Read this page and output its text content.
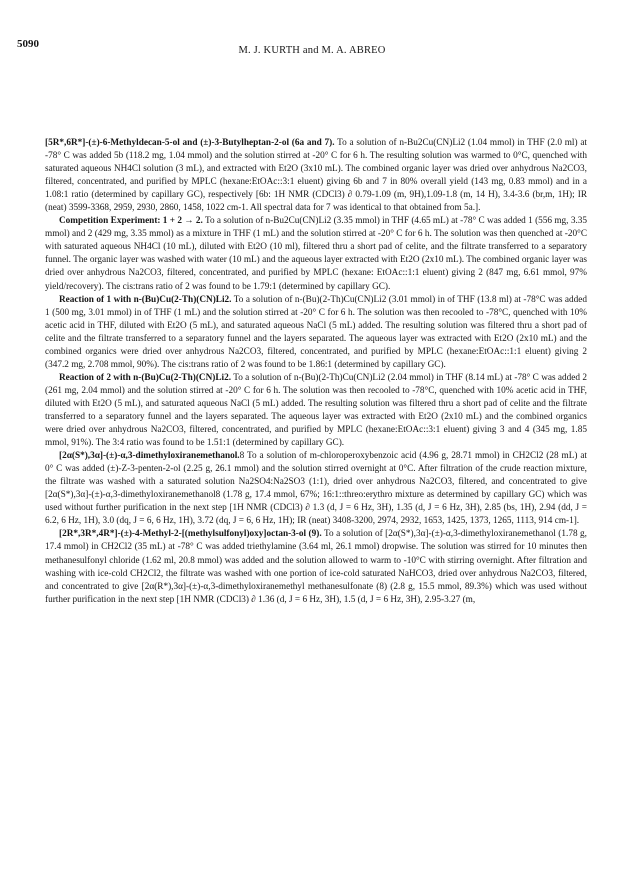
5090
M. J. KURTH and M. A. ABREO

[5R*,6R*]-(±)-6-Methyldecan-5-ol and (±)-3-Butylheptan-2-ol (6a and 7). To a solution of n-Bu2Cu(CN)Li2 (1.04 mmol) in THF (2.0 ml) at -78° C was added 5b (118.2 mg, 1.04 mmol) and the solution stirred at -20° C for 6 h. The resulting solution was warmed to 0°C, quenched with saturated aqueous NH4Cl solution (3 mL), and extracted with Et2O (3x10 mL). The combined organic layer was dried over anhydrous Na2CO3, filtered, concentrated, and purified by MPLC (hexane:EtOAc::3:1 eluent) giving 6b and 7 in 80% overall yield (143 mg, 0.83 mmol) and in a 1.08:1 ratio (determined by capillary GC), respectively [6b: 1H NMR (CDCl3) ∂ 0.79-1.09 (m, 9H),1.09-1.8 (m, 14 H), 3.4-3.6 (br,m, 1H); IR (neat) 3599-3368, 2959, 2930, 2860, 1458, 1022 cm-1. All spectral data for 7 was identical to that obtained from 5a.].

Competition Experiment: 1 + 2 → 2. To a solution of n-Bu2Cu(CN)Li2 (3.35 mmol) in THF (4.65 mL) at -78° C was added 1 (556 mg, 3.35 mmol) and 2 (429 mg, 3.35 mmol) as a mixture in THF (1 mL) and the solution stirred at -20° C for 6 h. The solution was then quenched at -20°C with saturated aqueous NH4Cl (10 mL), diluted with Et2O (10 ml), filtered thru a short pad of celite, and the filtrate transferred to a separatory funnel. The organic layer was washed with water (10 mL) and the aqueous layer extracted with Et2O (2x10 mL). The combined organic layer was dried over anhydrous Na2CO3, filtered, concentrated, and purified by MPLC (hexane: EtOAc::1:1 eluent) giving 2 (847 mg, 6.61 mmol, 97% yield/recovery). The cis:trans ratio of 2 was found to be 1.79:1 (determined by capillary GC).

Reaction of 1 with n-(Bu)Cu(2-Th)(CN)Li2. To a solution of n-(Bu)(2-Th)Cu(CN)Li2 (3.01 mmol) in of THF (13.8 ml) at -78°C was added 1 (500 mg, 3.01 mmol) in of THF (1 mL) and the solution stirred at -20° C for 6 h. The solution was then recooled to -78°C, quenched with 10% acetic acid in THF, diluted with Et2O (5 mL), and saturated aqueous NaCl (5 mL) added. The resulting solution was filtered thru a short pad of celite and the filtrate transferred to a separatory funnel and the layers separated. The aqueous layer was extracted with Et2O (2x10 mL) and the combined organics were dried over anhydrous Na2CO3, filtered, concentrated, and purified by MPLC (hexane:EtOAc::1:1 eluent) giving 2 (347.2 mg, 2.708 mmol, 90%). The cis:trans ratio of 2 was found to be 1.86:1 (determined by capillary GC).

Reaction of 2 with n-(Bu)Cu(2-Th)(CN)Li2. To a solution of n-(Bu)(2-Th)Cu(CN)Li2 (2.04 mmol) in THF (8.14 mL) at -78° C was added 2 (261 mg, 2.04 mmol) and the solution stirred at -20° C for 6 h. The solution was then recooled to -78°C, quenched with 10% acetic acid in THF, diluted with Et2O (5 mL), and saturated aqueous NaCl (5 mL) added. The resulting solution was filtered thru a short pad of celite and the filtrate transferred to a separatory funnel and the layers separated. The aqueous layer was extracted with Et2O (2x10 mL) and the combined organics were dried over anhydrous Na2CO3, filtered, concentrated, and purified by MPLC (hexane:EtOAc::3:1 eluent) giving 3 and 4 (345 mg, 1.85 mmol, 91%). The 3:4 ratio was found to be 1.51:1 (determined by capillary GC).

[2α(S*),3α]-(±)-α,3-dimethyloxiranemethanol.8 To a solution of m-chloroperoxybenzoic acid (4.96 g, 28.71 mmol) in CH2Cl2 (28 mL) at 0° C was added (±)-Z-3-penten-2-ol (2.25 g, 26.1 mmol) and the solution stirred overnight at 0°C. After filtration of the crude reaction mixture, the filtrate was washed with a saturated solution Na2SO4:Na2SO3 (1:1), dried over anhydrous Na2CO3, filtered, and concentrated to give [2α(S*),3α]-(±)-α,3-dimethyloxiranemethanol8 (1.78 g, 17.4 mmol, 67%; 16:1::threo:erythro mixture as determined by capillary GC) which was used without further purification in the next step [1H NMR (CDCl3) ∂ 1.3 (d, J = 6 Hz, 3H), 1.35 (d, J = 6 Hz, 3H), 2.85 (bs, 1H), 2.94 (dd, J = 6.2, 6 Hz, 1H), 3.0 (dq, J = 6, 6 Hz, 1H), 3.72 (dq, J = 6, 6 Hz, 1H); IR (neat) 3408-3200, 2974, 2932, 1653, 1425, 1373, 1265, 1113, 914 cm-1].

[2R*,3R*,4R*]-(±)-4-Methyl-2-[(methylsulfonyl)oxy]octan-3-ol (9). To a solution of [2α(S*),3α]-(±)-α,3-dimethyloxiranemethanol (1.78 g, 17.4 mmol) in CH2Cl2 (35 mL) at -78° C was added triethylamine (3.64 ml, 26.1 mmol) dropwise. The solution was stirred for 10 minutes then methanesulfonyl chloride (1.62 ml, 20.8 mmol) was added and the solution allowed to warm to -10°C with stirring overnight. After filtration and washing with ice-cold CH2Cl2, the filtrate was washed with one portion of ice-cold saturated NaHCO3, dried over anhydrous Na2CO3, filtered, and concentrated to give [2α(R*),3α]-(±)-α,3-dimethyloxiranemethyl methanesulfonate (8) (2.8 g, 15.5 mmol, 89.3%) which was used without further purification in the next step [1H NMR (CDCl3) ∂ 1.36 (d, J = 6 Hz, 3H), 1.5 (d, J = 6 Hz, 3H), 2.95-3.27 (m,
